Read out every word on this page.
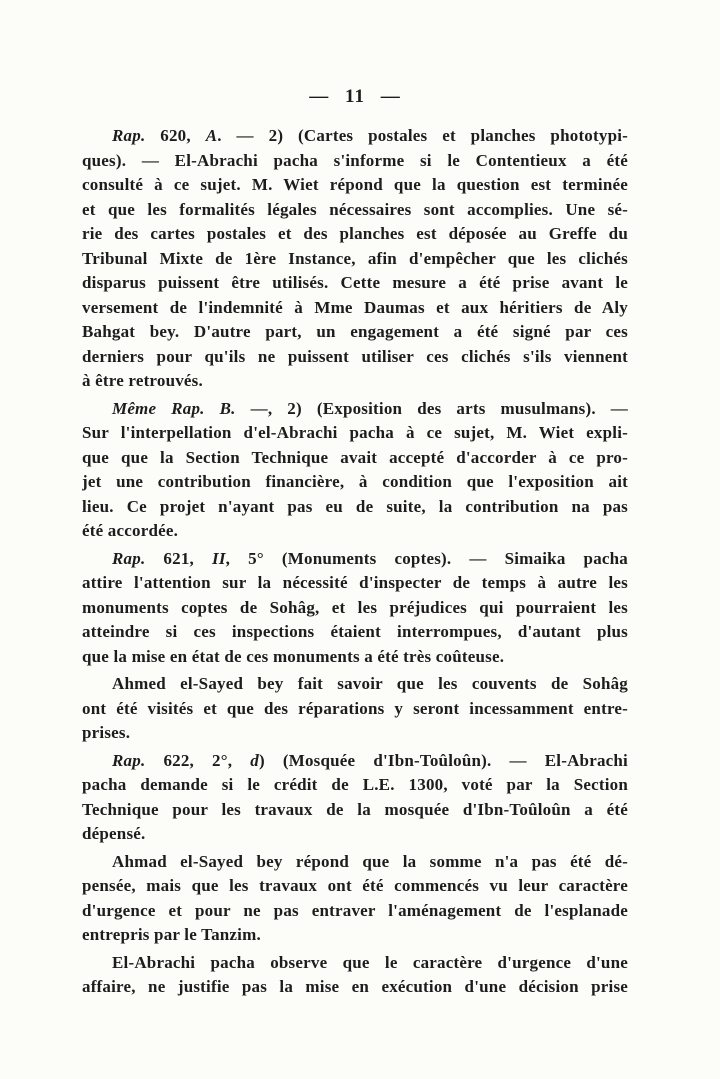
— 11 —
Rap. 620, A. — 2) (Cartes postales et planches phototypi-
ques). — El-Abrachi pacha s'informe si le Contentieux a été
consulté à ce sujet. M. Wiet répond que la question est terminée
et que les formalités légales nécessaires sont accomplies. Une sé-
rie des cartes postales et des planches est déposée au Greffe du
Tribunal Mixte de 1ère Instance, afin d'empêcher que les clichés
disparus puissent être utilisés. Cette mesure a été prise avant le
versement de l'indemnité à Mme Daumas et aux héritiers de Aly
Bahgat bey. D'autre part, un engagement a été signé par ces
derniers pour qu'ils ne puissent utiliser ces clichés s'ils viennent
à être retrouvés.
Même Rap. B. —, 2) (Exposition des arts musulmans). —
Sur l'interpellation d'el-Abrachi pacha à ce sujet, M. Wiet expli-
que que la Section Technique avait accepté d'accorder à ce pro-
jet une contribution financière, à condition que l'exposition ait
lieu. Ce projet n'ayant pas eu de suite, la contribution na pas
été accordée.
Rap. 621, II, 5° (Monuments coptes). — Simaika pacha
attire l'attention sur la nécessité d'inspecter de temps à autre les
monuments coptes de Sohâg, et les préjudices qui pourraient les
atteindre si ces inspections étaient interrompues, d'autant plus
que la mise en état de ces monuments a été très coûteuse.
Ahmed el-Sayed bey fait savoir que les couvents de Sohâg
ont été visités et que des réparations y seront incessamment entre-
prises.
Rap. 622, 2°, d) (Mosquée d'Ibn-Toûloûn). — El-Abrachi
pacha demande si le crédit de L.E. 1300, voté par la Section
Technique pour les travaux de la mosquée d'Ibn-Toûloûn a été
dépensé.
Ahmad el-Sayed bey répond que la somme n'a pas été dé-
pensée, mais que les travaux ont été commencés vu leur caractère
d'urgence et pour ne pas entraver l'aménagement de l'esplanade
entrepris par le Tanzim.
El-Abrachi pacha observe que le caractère d'urgence d'une
affaire, ne justifie pas la mise en exécution d'une décision prise
